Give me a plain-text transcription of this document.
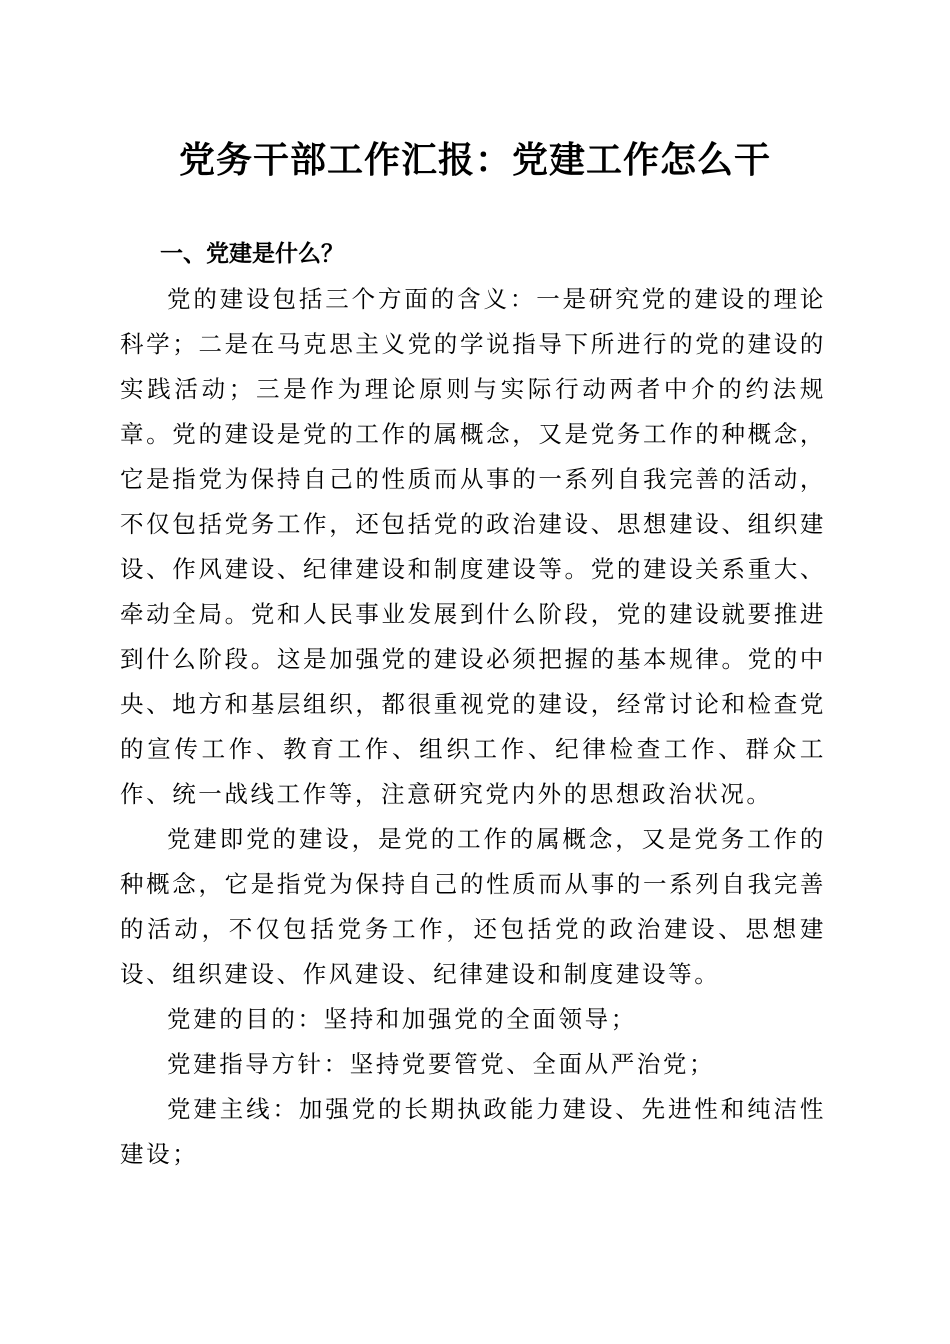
党务干部工作汇报：党建工作怎么干
一、党建是什么？

党的建设包括三个方面的含义：一是研究党的建设的理论科学；二是在马克思主义党的学说指导下所进行的党的建设的实践活动；三是作为理论原则与实际行动两者中介的约法规章。党的建设是党的工作的属概念，又是党务工作的种概念，它是指党为保持自己的性质而从事的一系列自我完善的活动，不仅包括党务工作，还包括党的政治建设、思想建设、组织建设、作风建设、纪律建设和制度建设等。党的建设关系重大、牵动全局。党和人民事业发展到什么阶段，党的建设就要推进到什么阶段。这是加强党的建设必须把握的基本规律。党的中央、地方和基层组织，都很重视党的建设，经常讨论和检查党的宣传工作、教育工作、组织工作、纪律检查工作、群众工作、统一战线工作等，注意研究党内外的思想政治状况。

党建即党的建设，是党的工作的属概念，又是党务工作的种概念，它是指党为保持自己的性质而从事的一系列自我完善的活动，不仅包括党务工作，还包括党的政治建设、思想建设、组织建设、作风建设、纪律建设和制度建设等。

党建的目的：坚持和加强党的全面领导；

党建指导方针：坚持党要管党、全面从严治党；

党建主线：加强党的长期执政能力建设、先进性和纯洁性建设；
